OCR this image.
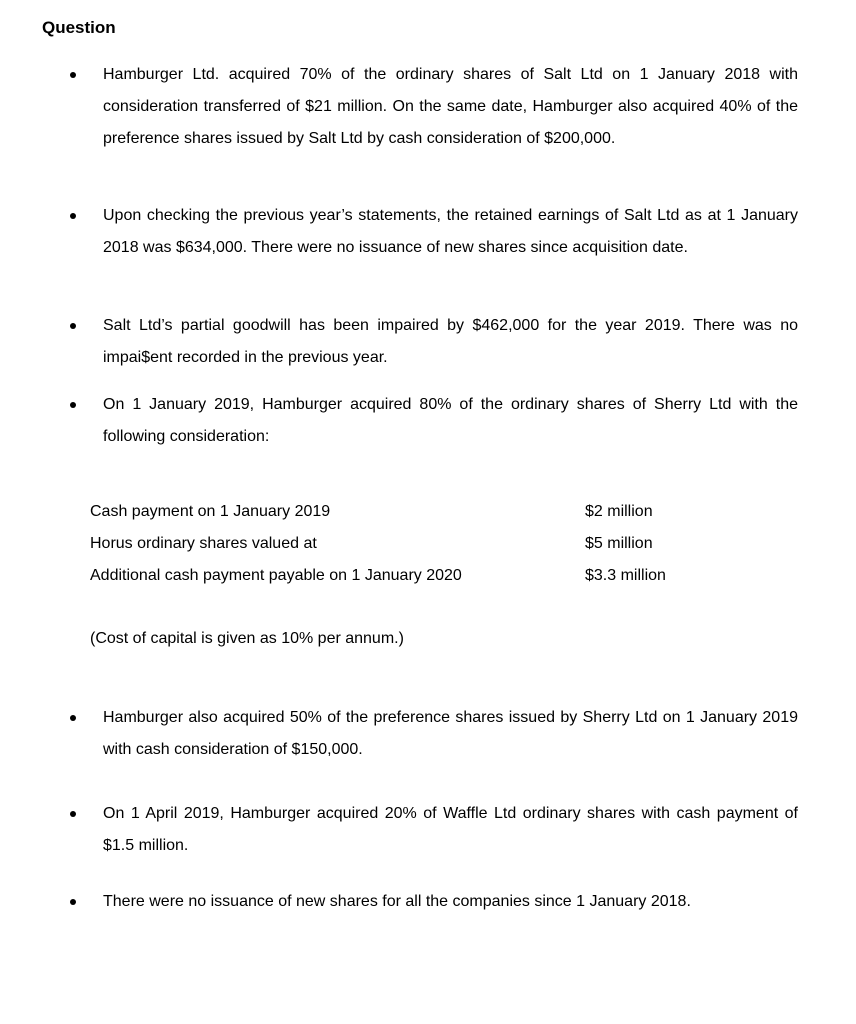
Question
Hamburger Ltd. acquired 70% of the ordinary shares of Salt Ltd on 1 January 2018 with consideration transferred of $21 million. On the same date, Hamburger also acquired 40% of the preference shares issued by Salt Ltd by cash consideration of $200,000.
Upon checking the previous year’s statements, the retained earnings of Salt Ltd as at 1 January 2018 was $634,000. There were no issuance of new shares since acquisition date.
Salt Ltd’s partial goodwill has been impaired by $462,000 for the year 2019. There was no impai$ent recorded in the previous year.
On 1 January 2019, Hamburger acquired 80% of the ordinary shares of Sherry Ltd with the following consideration:
Cash payment on 1 January 2019	$2 million
Horus ordinary shares valued at	$5 million
Additional cash payment payable on 1 January 2020	$3.3 million
(Cost of capital is given as 10% per annum.)
Hamburger also acquired 50% of the preference shares issued by Sherry Ltd on 1 January 2019 with cash consideration of $150,000.
On 1 April 2019, Hamburger acquired 20% of Waffle Ltd ordinary shares with cash payment of $1.5 million.
There were no issuance of new shares for all the companies since 1 January 2018.
